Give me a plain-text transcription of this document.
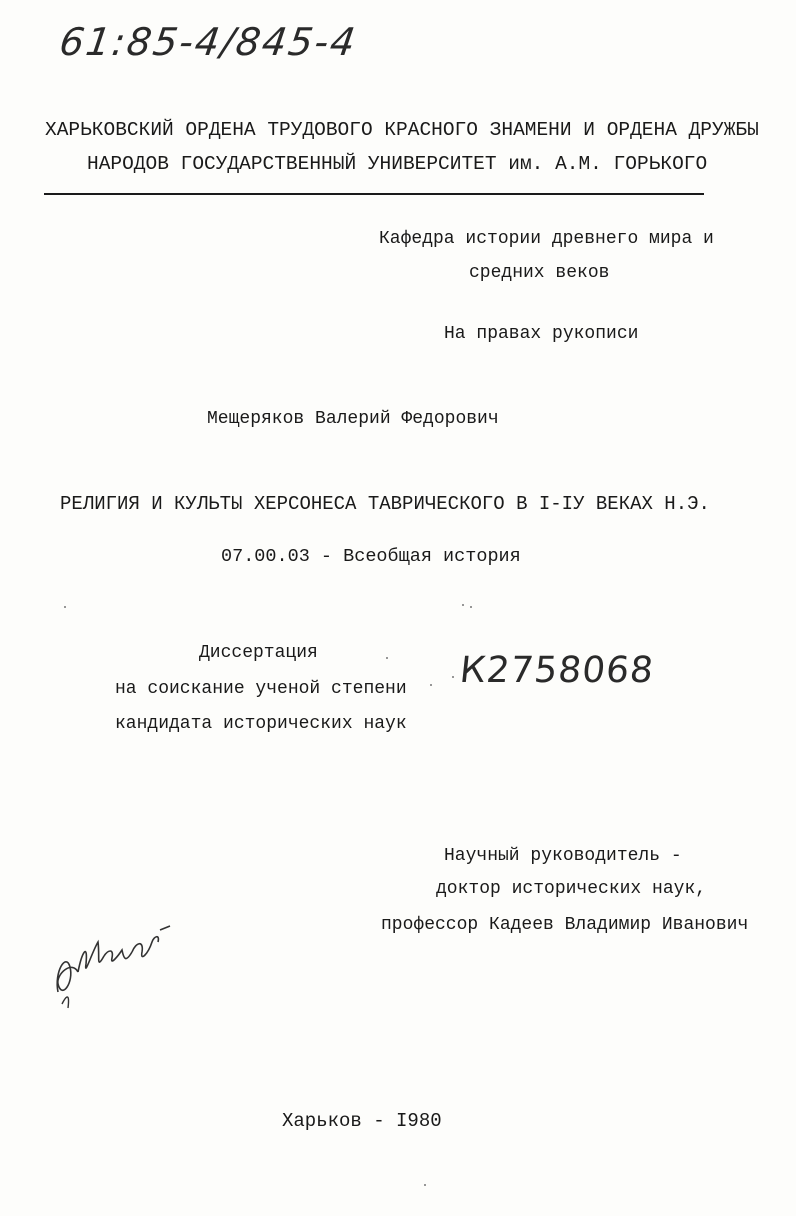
61:85-4/845-4
ХАРЬКОВСКИЙ ОРДЕНА ТРУДОВОГО КРАСНОГО ЗНАМЕНИ И ОРДЕНА ДРУЖБЫ
НАРОДОВ ГОСУДАРСТВЕННЫЙ УНИВЕРСИТЕТ им. А.М. ГОРЬКОГО
Кафедра истории древнего мира и
средних веков
На правах рукописи
Мещеряков Валерий Федорович
РЕЛИГИЯ И КУЛЬТЫ ХЕРСОНЕСА ТАВРИЧЕСКОГО В I-IУ ВЕКАХ Н.Э.
07.00.03 - Всеобщая история
Диссертация
на соискание ученой степени
кандидата исторических наук
К2758068
Научный руководитель -
доктор исторических наук,
профессор Кадеев Владимир Иванович
Харьков - I980
